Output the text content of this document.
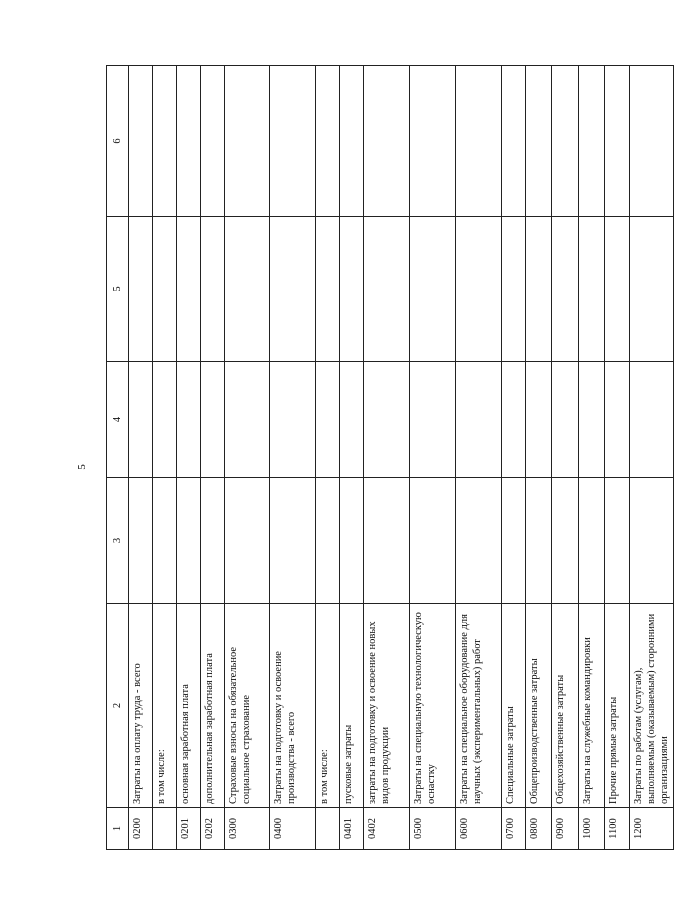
5
1	2	3	4	5	6
0200	Затраты на оплату труда - всего				
	в том числе:				
0201	основная заработная плата				
0202	дополнительная заработная плата				
0300	Страховые взносы на обязательное социальное страхование				
0400	Затраты на подготовку и освоение производства - всего				
	в том числе:				
0401	пусковые затраты				
0402	затраты на подготовку и освоение новых видов продукции				
0500	Затраты на специальную технологическую оснастку				
0600	Затраты на специальное оборудование для научных (экспериментальных) работ				
0700	Специальные затраты				
0800	Общепроизводственные затраты				
0900	Общехозяйственные затраты				
1000	Затраты на служебные командировки				
1100	Прочие прямые затраты				
1200	Затраты по работам (услугам), выполняемым (оказываемым) сторонними организациями				
